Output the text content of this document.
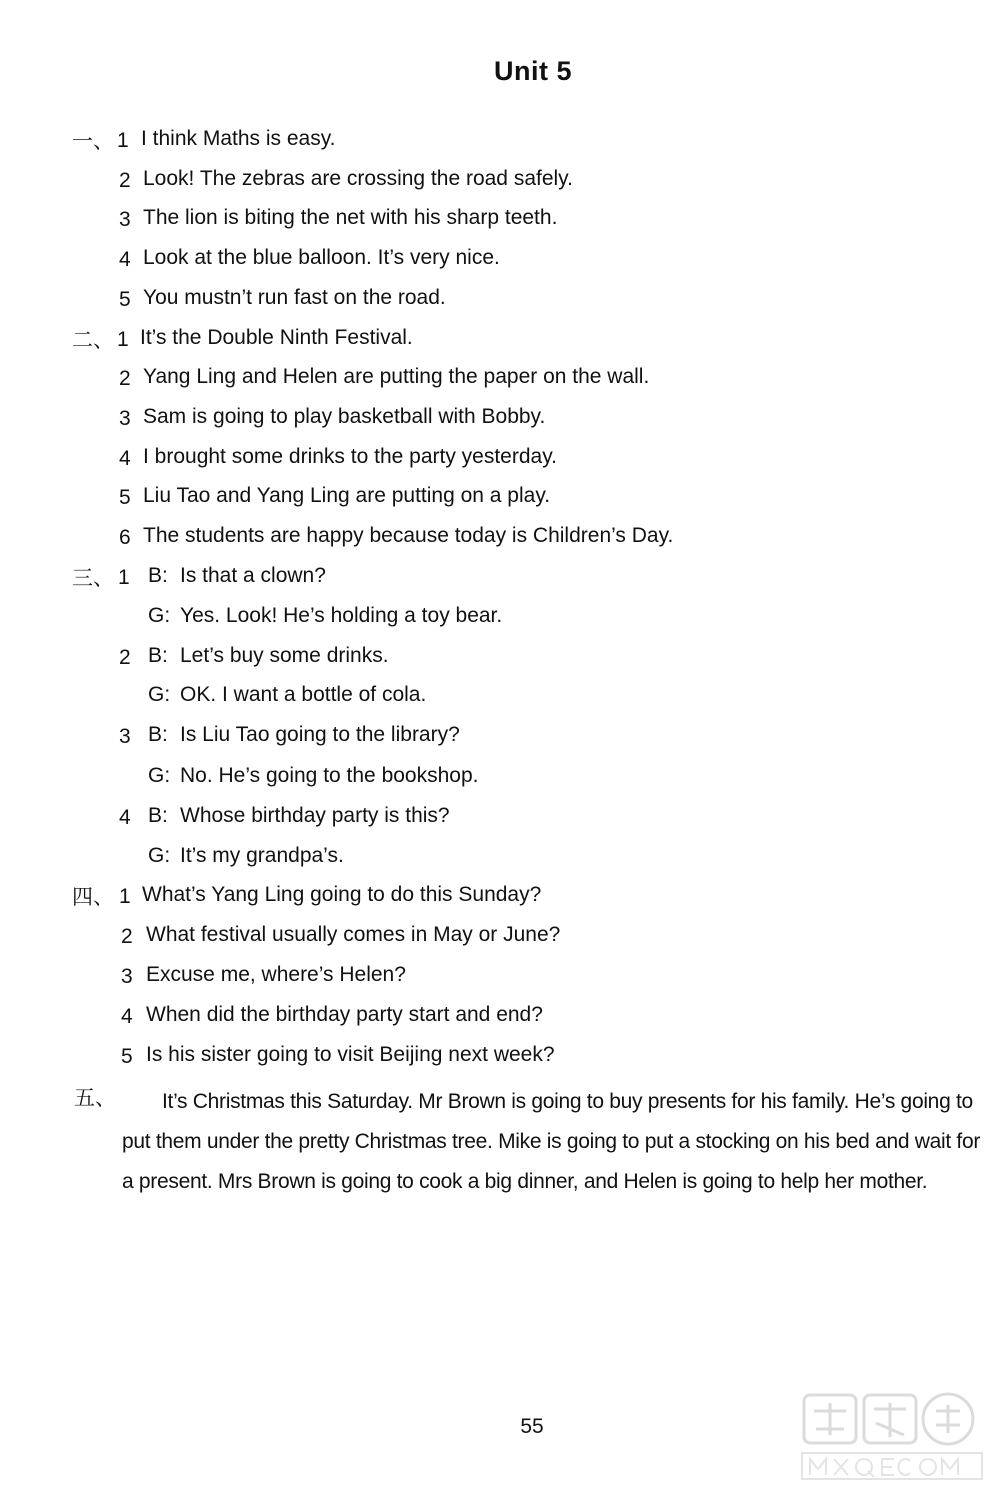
Unit 5
一、 1 I think Maths is easy.
2 Look! The zebras are crossing the road safely.
3 The lion is biting the net with his sharp teeth.
4 Look at the blue balloon. It’s very nice.
5 You mustn’t run fast on the road.
二、 1 It’s the Double Ninth Festival.
2 Yang Ling and Helen are putting the paper on the wall.
3 Sam is going to play basketball with Bobby.
4 I brought some drinks to the party yesterday.
5 Liu Tao and Yang Ling are putting on a play.
6 The students are happy because today is Children’s Day.
三、 1 B: Is that a clown?
G: Yes. Look! He’s holding a toy bear.
2 B: Let’s buy some drinks.
G: OK. I want a bottle of cola.
3 B: Is Liu Tao going to the library?
G: No. He’s going to the bookshop.
4 B: Whose birthday party is this?
G: It’s my grandpa’s.
四、 1 What’s Yang Ling going to do this Sunday?
2 What festival usually comes in May or June?
3 Excuse me, where’s Helen?
4 When did the birthday party start and end?
5 Is his sister going to visit Beijing next week?
五、	It’s Christmas this Saturday. Mr Brown is going to buy presents for his family. He’s going to put them under the pretty Christmas tree. Mike is going to put a stocking on his bed and wait for a present. Mrs Brown is going to cook a big dinner, and Helen is going to help her mother.
55
